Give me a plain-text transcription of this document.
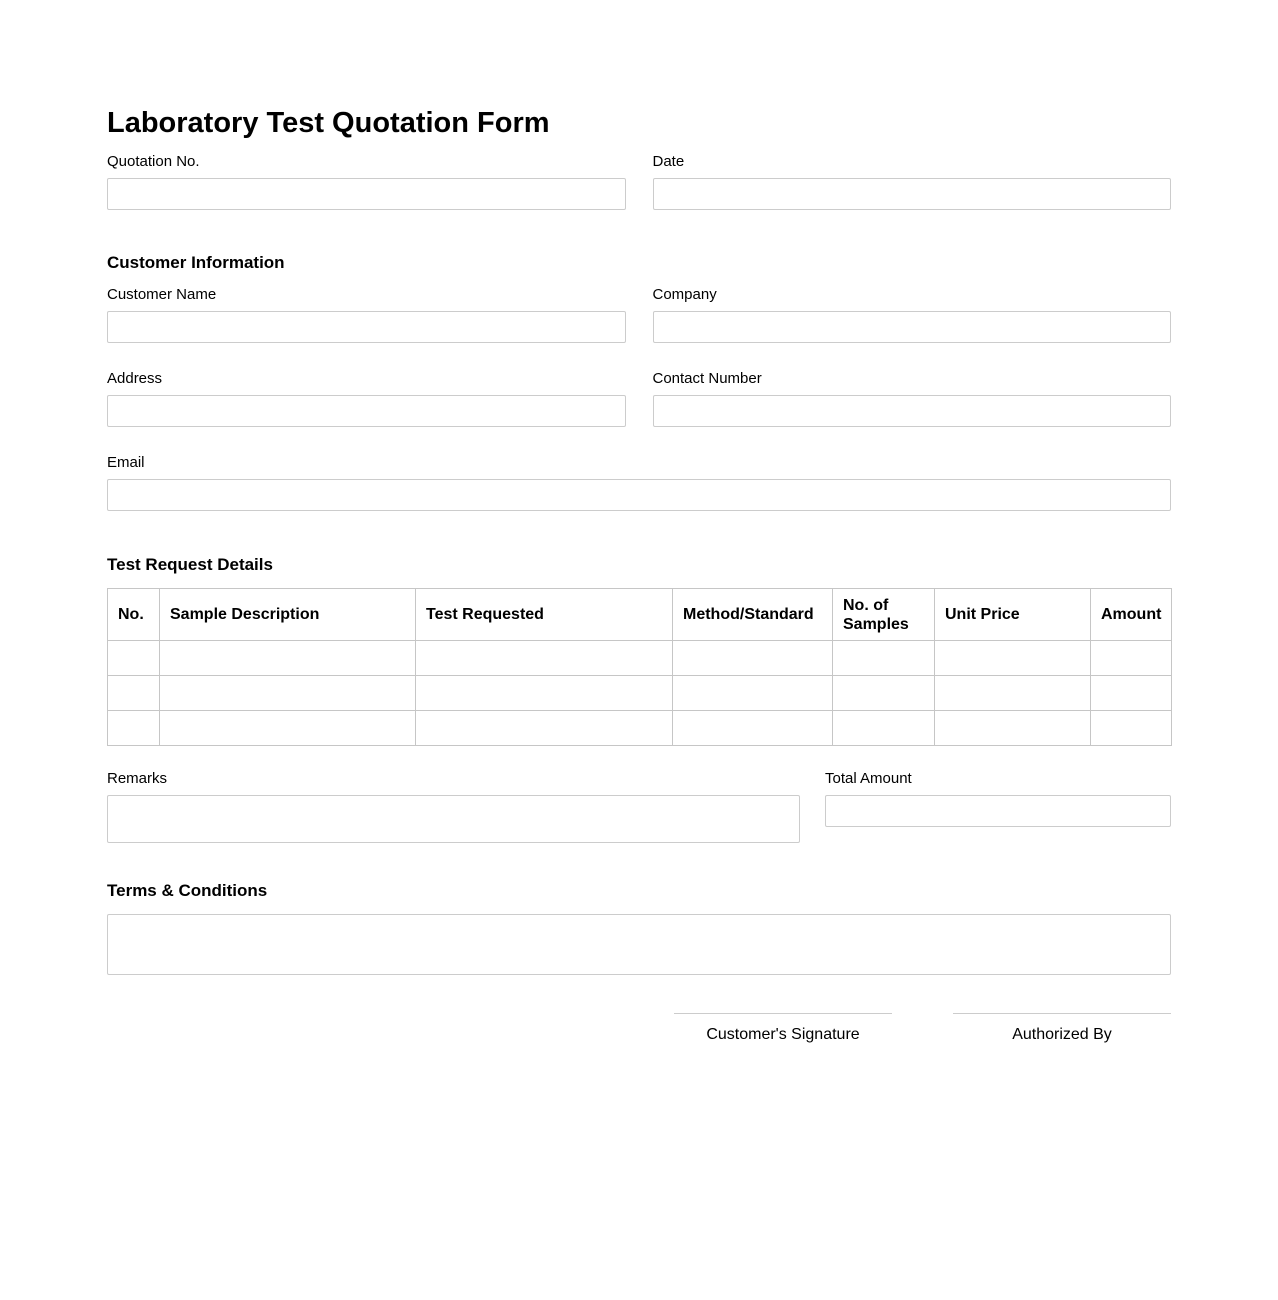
Laboratory Test Quotation Form
Quotation No.	Date
Customer Information
Customer Name	Company
Address	Contact Number
Email
Test Request Details
No.	Sample Description	Test Requested	Method/Standard	No. of Samples	Unit Price	Amount

Remarks	Total Amount
Terms & Conditions
Customer's Signature	Authorized By
